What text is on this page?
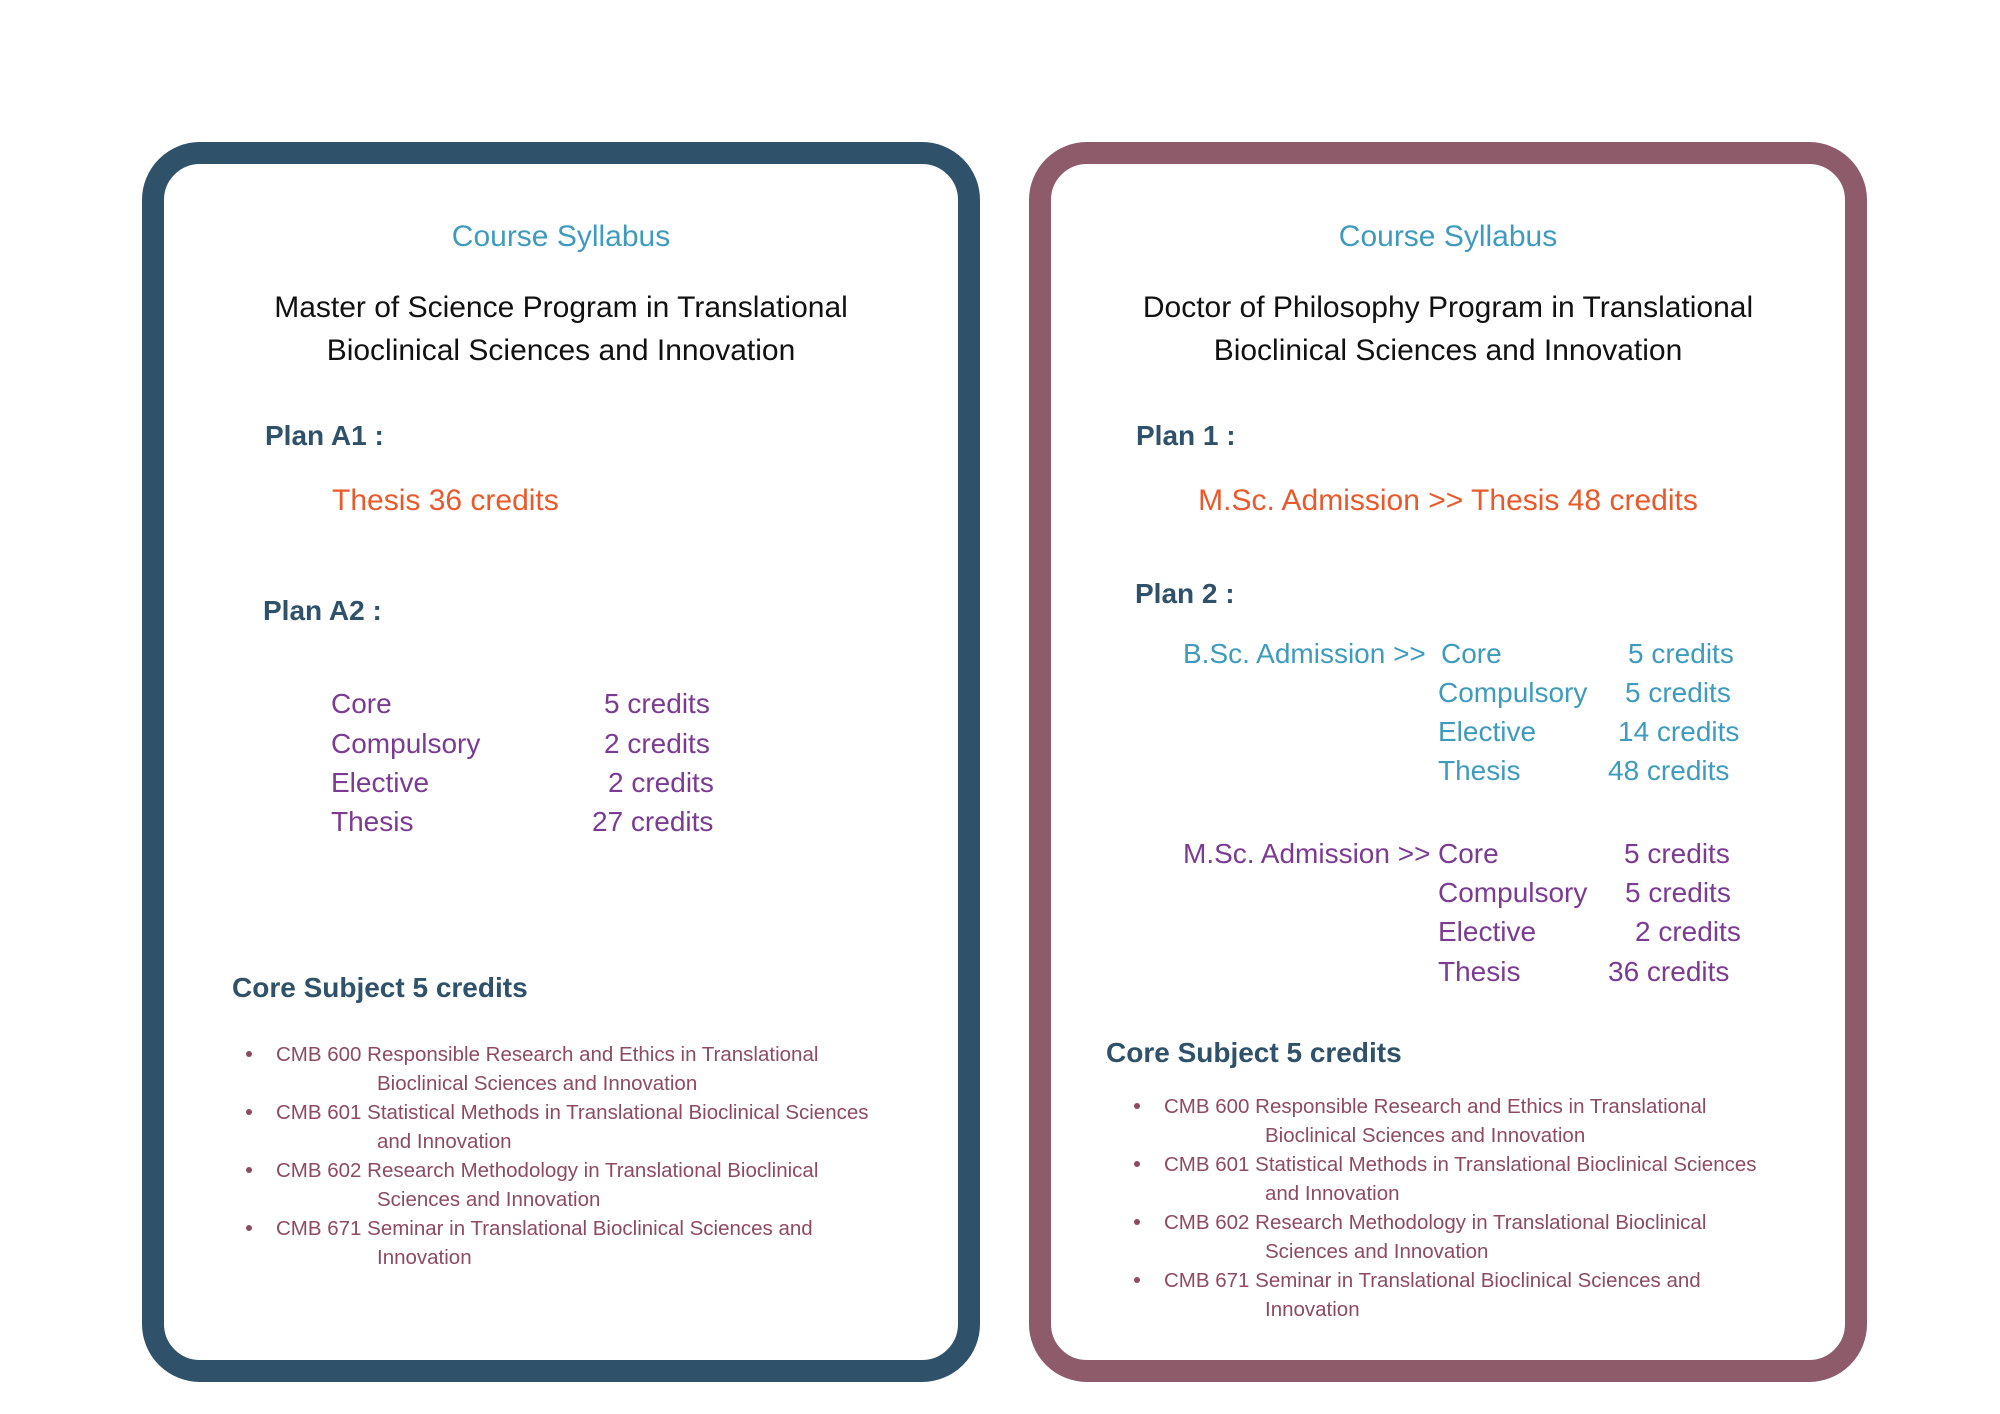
Course Syllabus
Master of Science Program in Translational
Bioclinical Sciences and Innovation
Plan A1 :
Thesis 36 credits
Plan A2 :
Core	5 credits
Compulsory	2 credits
Elective	2 credits
Thesis	27 credits
Core Subject 5 credits
CMB 600 Responsible Research and Ethics in Translational
Bioclinical Sciences and Innovation
CMB 601 Statistical Methods in Translational Bioclinical Sciences
and Innovation
CMB 602 Research Methodology in Translational Bioclinical
Sciences and Innovation
CMB 671 Seminar in Translational Bioclinical Sciences and
Innovation
Course Syllabus
Doctor of Philosophy Program in Translational
Bioclinical Sciences and Innovation
Plan 1 :
M.Sc. Admission >> Thesis 48 credits
Plan 2 :
B.Sc. Admission >> Core	5 credits
Compulsory 5 credits
Elective	14 credits
Thesis	48 credits
M.Sc. Admission >> Core	5 credits
Compulsory 5 credits
Elective	2 credits
Thesis	36 credits
Core Subject 5 credits
CMB 600 Responsible Research and Ethics in Translational
Bioclinical Sciences and Innovation
CMB 601 Statistical Methods in Translational Bioclinical Sciences
and Innovation
CMB 602 Research Methodology in Translational Bioclinical
Sciences and Innovation
CMB 671 Seminar in Translational Bioclinical Sciences and
Innovation
